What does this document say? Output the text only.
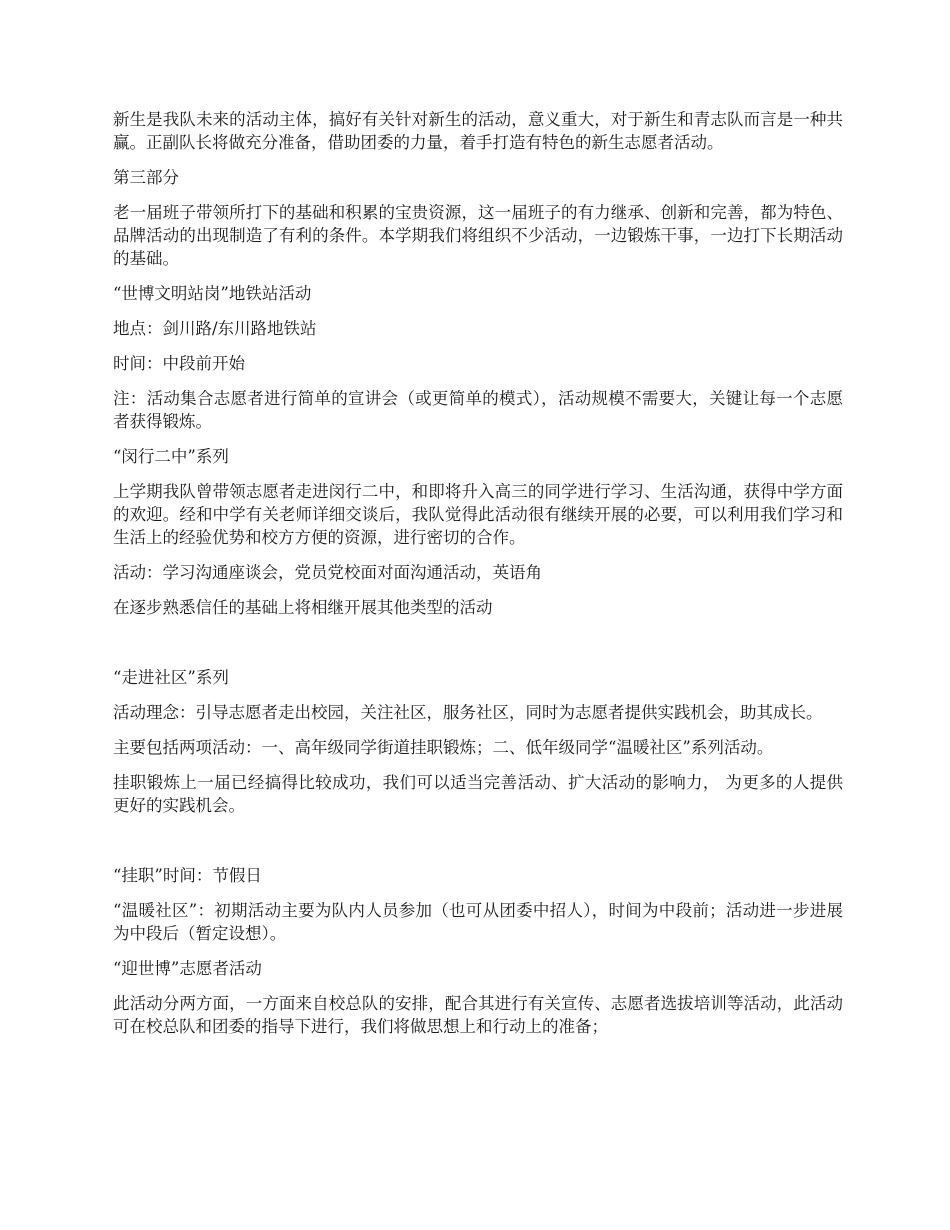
新生是我队未来的活动主体，搞好有关针对新生的活动，意义重大，对于新生和青志队而言是一种共赢。正副队长将做充分准备，借助团委的力量，着手打造有特色的新生志愿者活动。

第三部分

老一届班子带领所打下的基础和积累的宝贵资源，这一届班子的有力继承、创新和完善，都为特色、品牌活动的出现制造了有利的条件。本学期我们将组织不少活动，一边锻炼干事，一边打下长期活动的基础。

“世博文明站岗”地铁站活动

地点：剑川路/东川路地铁站

时间：中段前开始

注：活动集合志愿者进行简单的宣讲会（或更简单的模式），活动规模不需要大，关键让每一个志愿者获得锻炼。

“闵行二中”系列

上学期我队曾带领志愿者走进闵行二中，和即将升入高三的同学进行学习、生活沟通，获得中学方面的欢迎。经和中学有关老师详细交谈后，我队觉得此活动很有继续开展的必要，可以利用我们学习和生活上的经验优势和校方方便的资源，进行密切的合作。

活动：学习沟通座谈会，党员党校面对面沟通活动，英语角

在逐步熟悉信任的基础上将相继开展其他类型的活动

“走进社区”系列

活动理念：引导志愿者走出校园，关注社区，服务社区，同时为志愿者提供实践机会，助其成长。

主要包括两项活动：一、高年级同学街道挂职锻炼；二、低年级同学“温暖社区”系列活动。

挂职锻炼上一届已经搞得比较成功，我们可以适当完善活动、扩大活动的影响力， 为更多的人提供更好的实践机会。

“挂职”时间：节假日

“温暖社区”：初期活动主要为队内人员参加（也可从团委中招人），时间为中段前；活动进一步进展为中段后（暂定设想）。

“迎世博”志愿者活动

此活动分两方面，一方面来自校总队的安排，配合其进行有关宣传、志愿者选拔培训等活动，此活动可在校总队和团委的指导下进行，我们将做思想上和行动上的准备；
